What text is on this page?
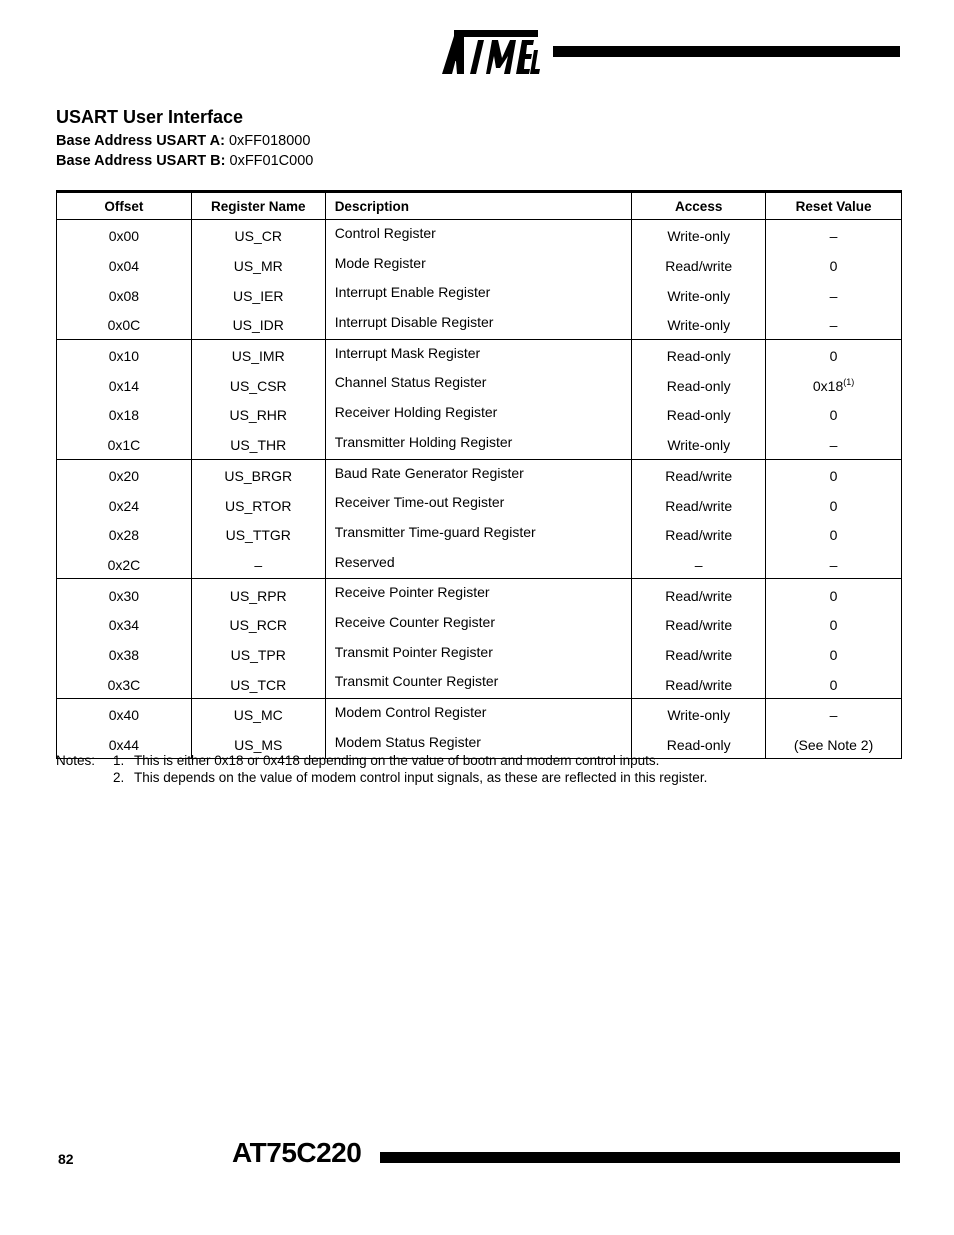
USART User Interface
Base Address USART A: 0xFF018000
Base Address USART B: 0xFF01C000
Offset	Register Name	Description	Access	Reset Value
0x00	US_CR	Control Register	Write-only	–
0x04	US_MR	Mode Register	Read/write	0
0x08	US_IER	Interrupt Enable Register	Write-only	–
0x0C	US_IDR	Interrupt Disable Register	Write-only	–
0x10	US_IMR	Interrupt Mask Register	Read-only	0
0x14	US_CSR	Channel Status Register	Read-only	0x18$^{(1)}$
0x18	US_RHR	Receiver Holding Register	Read-only	0
0x1C	US_THR	Transmitter Holding Register	Write-only	–
0x20	US_BRGR	Baud Rate Generator Register	Read/write	0
0x24	US_RTOR	Receiver Time-out Register	Read/write	0
0x28	US_TTGR	Transmitter Time-guard Register	Read/write	0
0x2C	–	Reserved	–	–
0x30	US_RPR	Receive Pointer Register	Read/write	0
0x34	US_RCR	Receive Counter Register	Read/write	0
0x38	US_TPR	Transmit Pointer Register	Read/write	0
0x3C	US_TCR	Transmit Counter Register	Read/write	0
0x40	US_MC	Modem Control Register	Write-only	–
0x44	US_MS	Modem Status Register	Read-only	(See Note 2)
Notes: 1. This is either 0x18 or 0x418 depending on the value of bootn and modem control inputs.
2. This depends on the value of modem control input signals, as these are reflected in this register.
82	AT75C220
